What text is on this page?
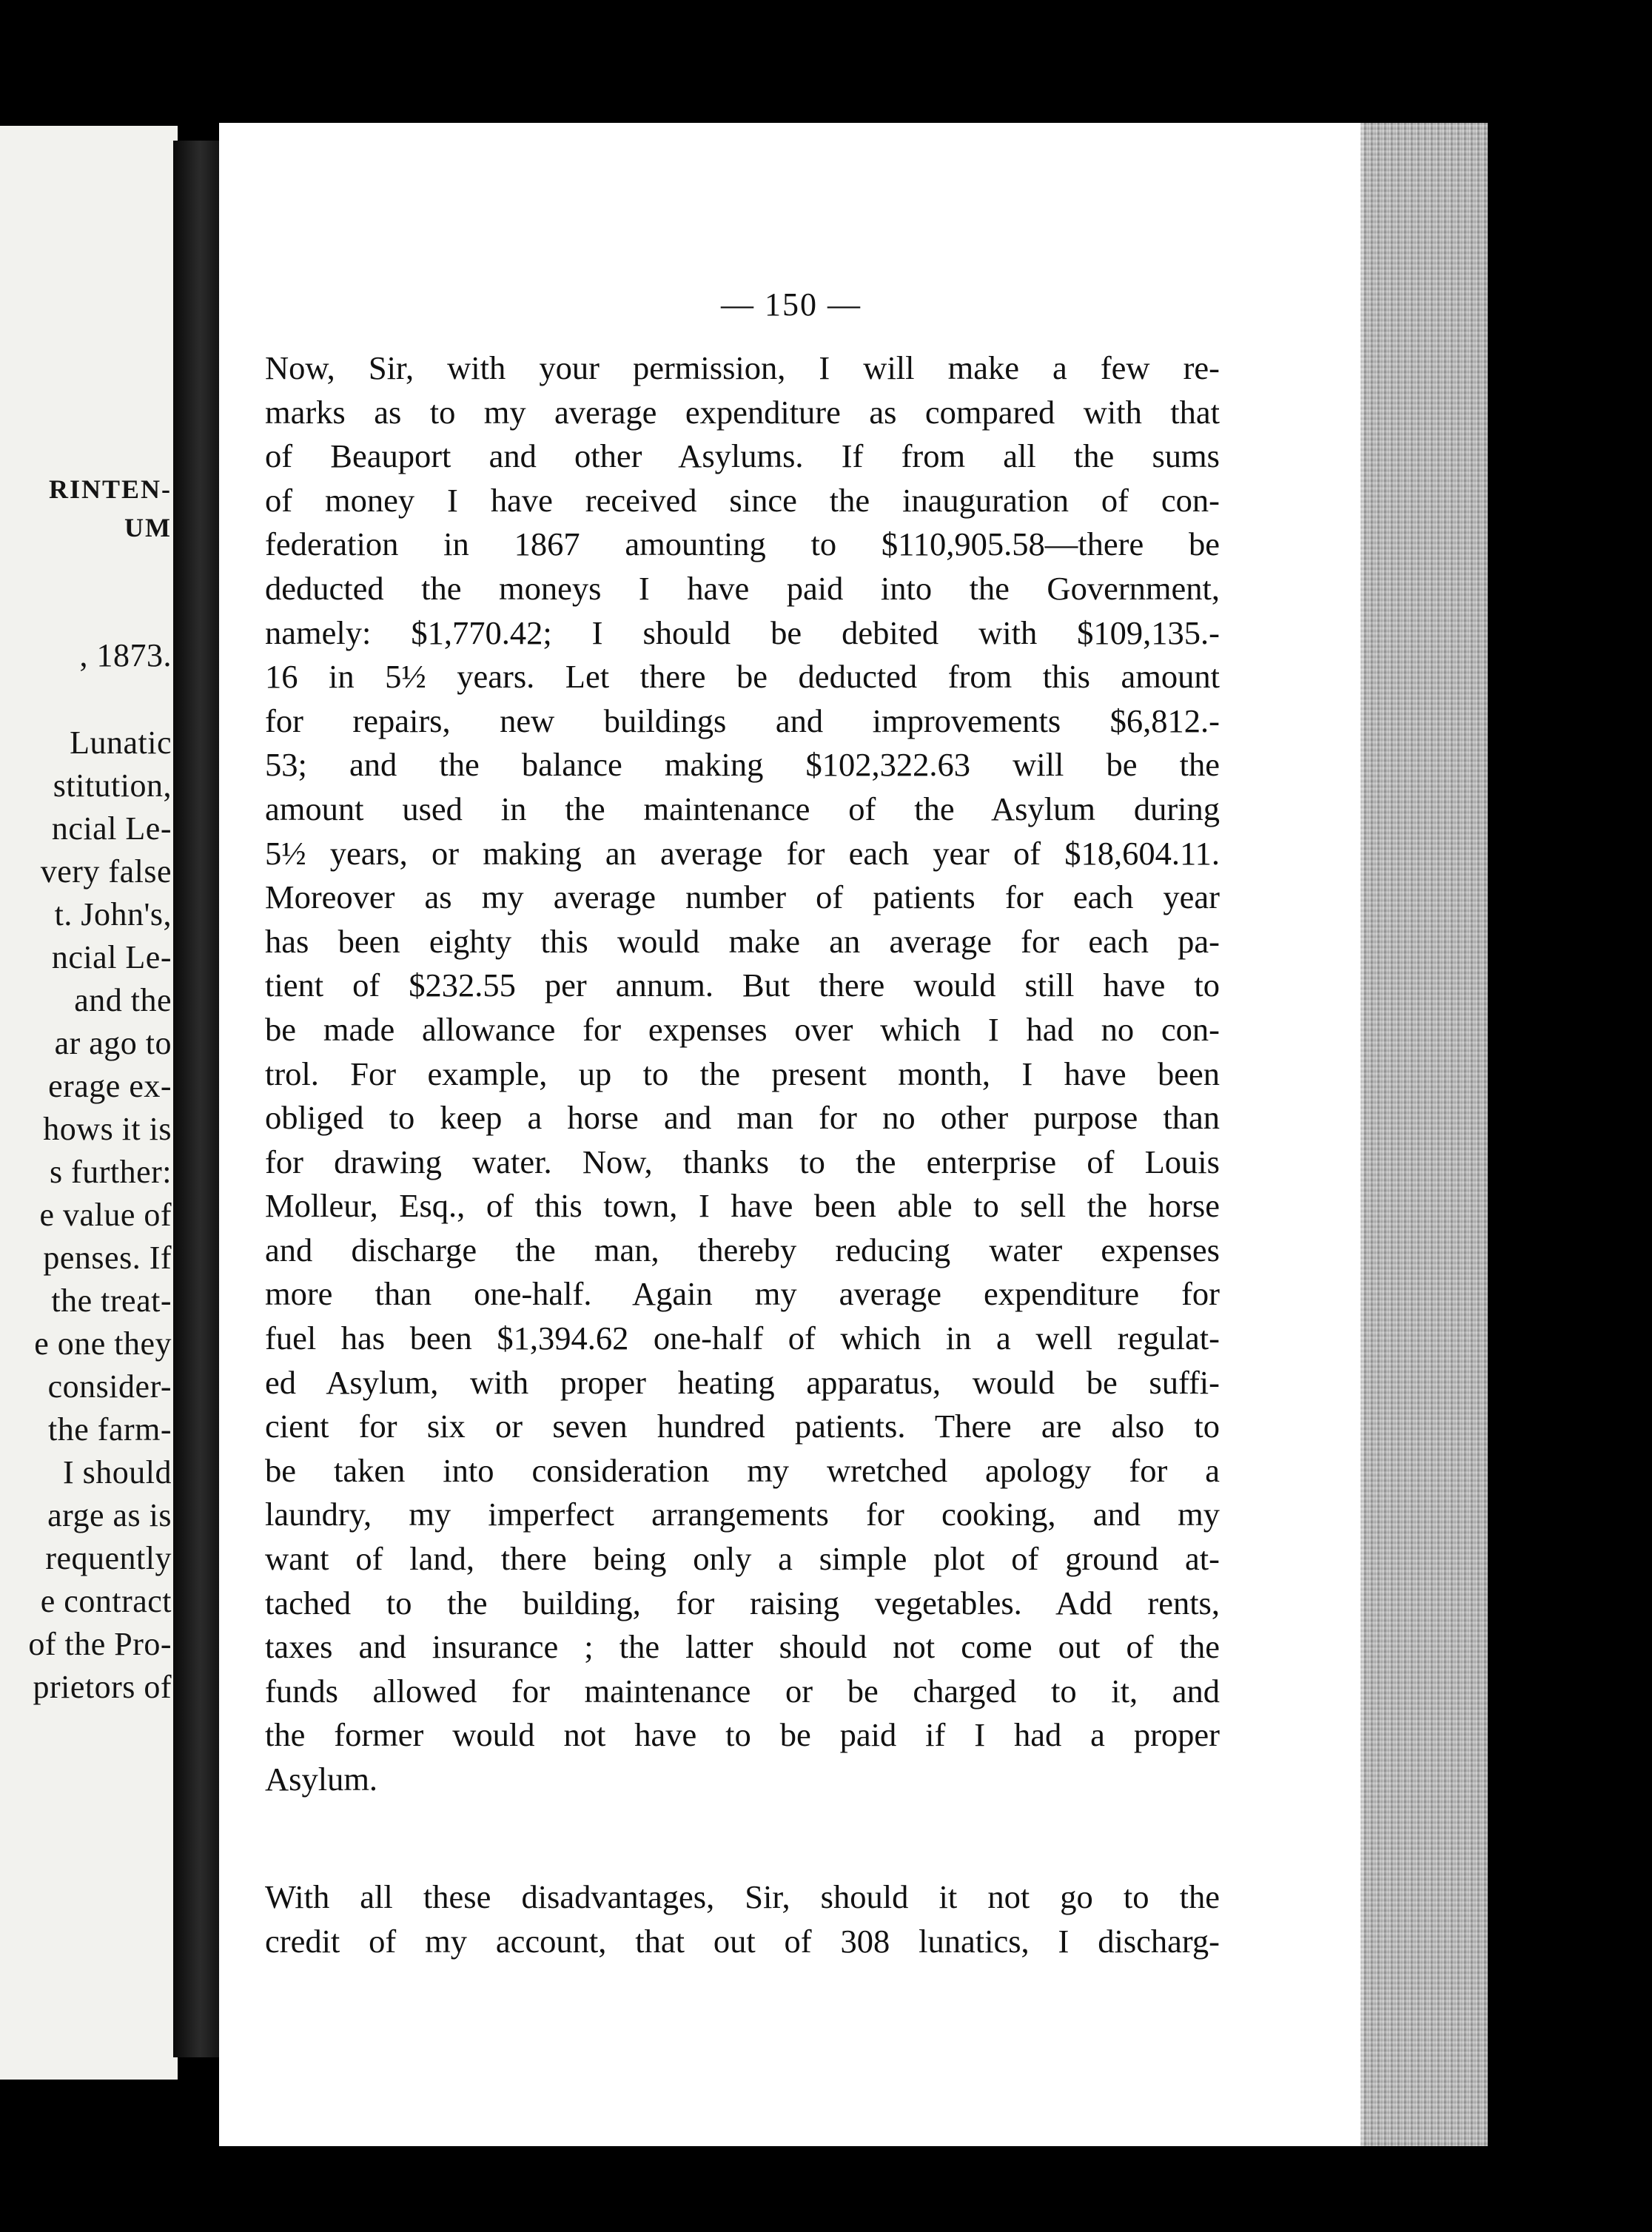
RINTEN-
UM
, 1873.
Lunatic
stitution,
ncial Le-
very false
t. John's,
ncial Le-
and the
ar ago to
erage ex-
hows it is
s further:
e value of
penses. If
the treat-
e one they
consider-
the farm-
I should
arge as is
requently
e contract
of the Pro-
prietors of
— 150 —
Now, Sir, with your permission, I will make a few re-
marks as to my average expenditure as compared with that
of Beauport and other Asylums. If from all the sums
of money I have received since the inauguration of con-
federation in 1867 amounting to $110,905.58—there be
deducted the moneys I have paid into the Government,
namely: $1,770.42; I should be debited with $109,135.-
16 in 5½ years. Let there be deducted from this amount
for repairs, new buildings and improvements $6,812.-
53; and the balance making $102,322.63 will be the
amount used in the maintenance of the Asylum during
5½ years, or making an average for each year of $18,604.11.
Moreover as my average number of patients for each year
has been eighty this would make an average for each pa-
tient of $232.55 per annum. But there would still have to
be made allowance for expenses over which I had no con-
trol. For example, up to the present month, I have been
obliged to keep a horse and man for no other purpose than
for drawing water. Now, thanks to the enterprise of Louis
Molleur, Esq., of this town, I have been able to sell the horse
and discharge the man, thereby reducing water expenses
more than one-half. Again my average expenditure for
fuel has been $1,394.62 one-half of which in a well regulat-
ed Asylum, with proper heating apparatus, would be suffi-
cient for six or seven hundred patients. There are also to
be taken into consideration my wretched apology for a
laundry, my imperfect arrangements for cooking, and my
want of land, there being only a simple plot of ground at-
tached to the building, for raising vegetables. Add rents,
taxes and insurance ; the latter should not come out of the
funds allowed for maintenance or be charged to it, and
the former would not have to be paid if I had a proper
Asylum.
With all these disadvantages, Sir, should it not go to the
credit of my account, that out of 308 lunatics, I discharg-
